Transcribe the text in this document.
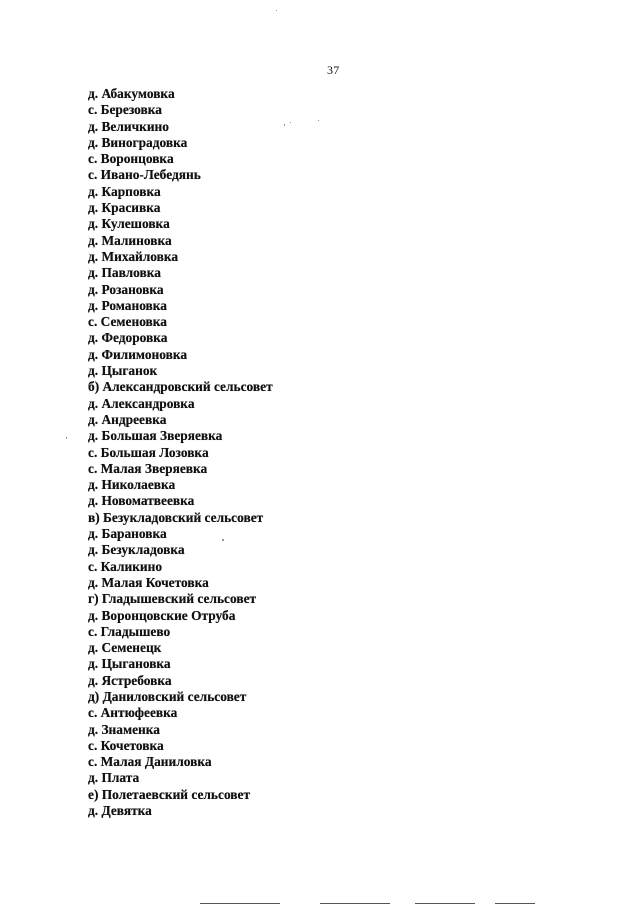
37
д. Абакумовка
с. Березовка
д. Величкино
д. Виноградовка
с. Воронцовка
с. Ивано-Лебедянь
д. Карповка
д. Красивка
д. Кулешовка
д. Малиновка
д. Михайловка
д. Павловка
д. Розановка
д. Романовка
с. Семеновка
д. Федоровка
д. Филимоновка
д. Цыганок
б) Александровский сельсовет
д. Александровка
д. Андреевка
д. Большая Зверяевка
с. Большая Лозовка
с. Малая Зверяевка
д. Николаевка
д. Новоматвеевка
в) Безукладовский сельсовет
д. Барановка
д. Безукладовка
с. Каликино
д. Малая Кочетовка
г) Гладышевский сельсовет
д. Воронцовские Отруба
с. Гладышево
д. Семенецк
д. Цыгановка
д. Ястребовка
д) Даниловский сельсовет
с. Антюфеевка
д. Знаменка
с. Кочетовка
с. Малая Даниловка
д. Плата
е) Полетаевский сельсовет
д. Девятка
